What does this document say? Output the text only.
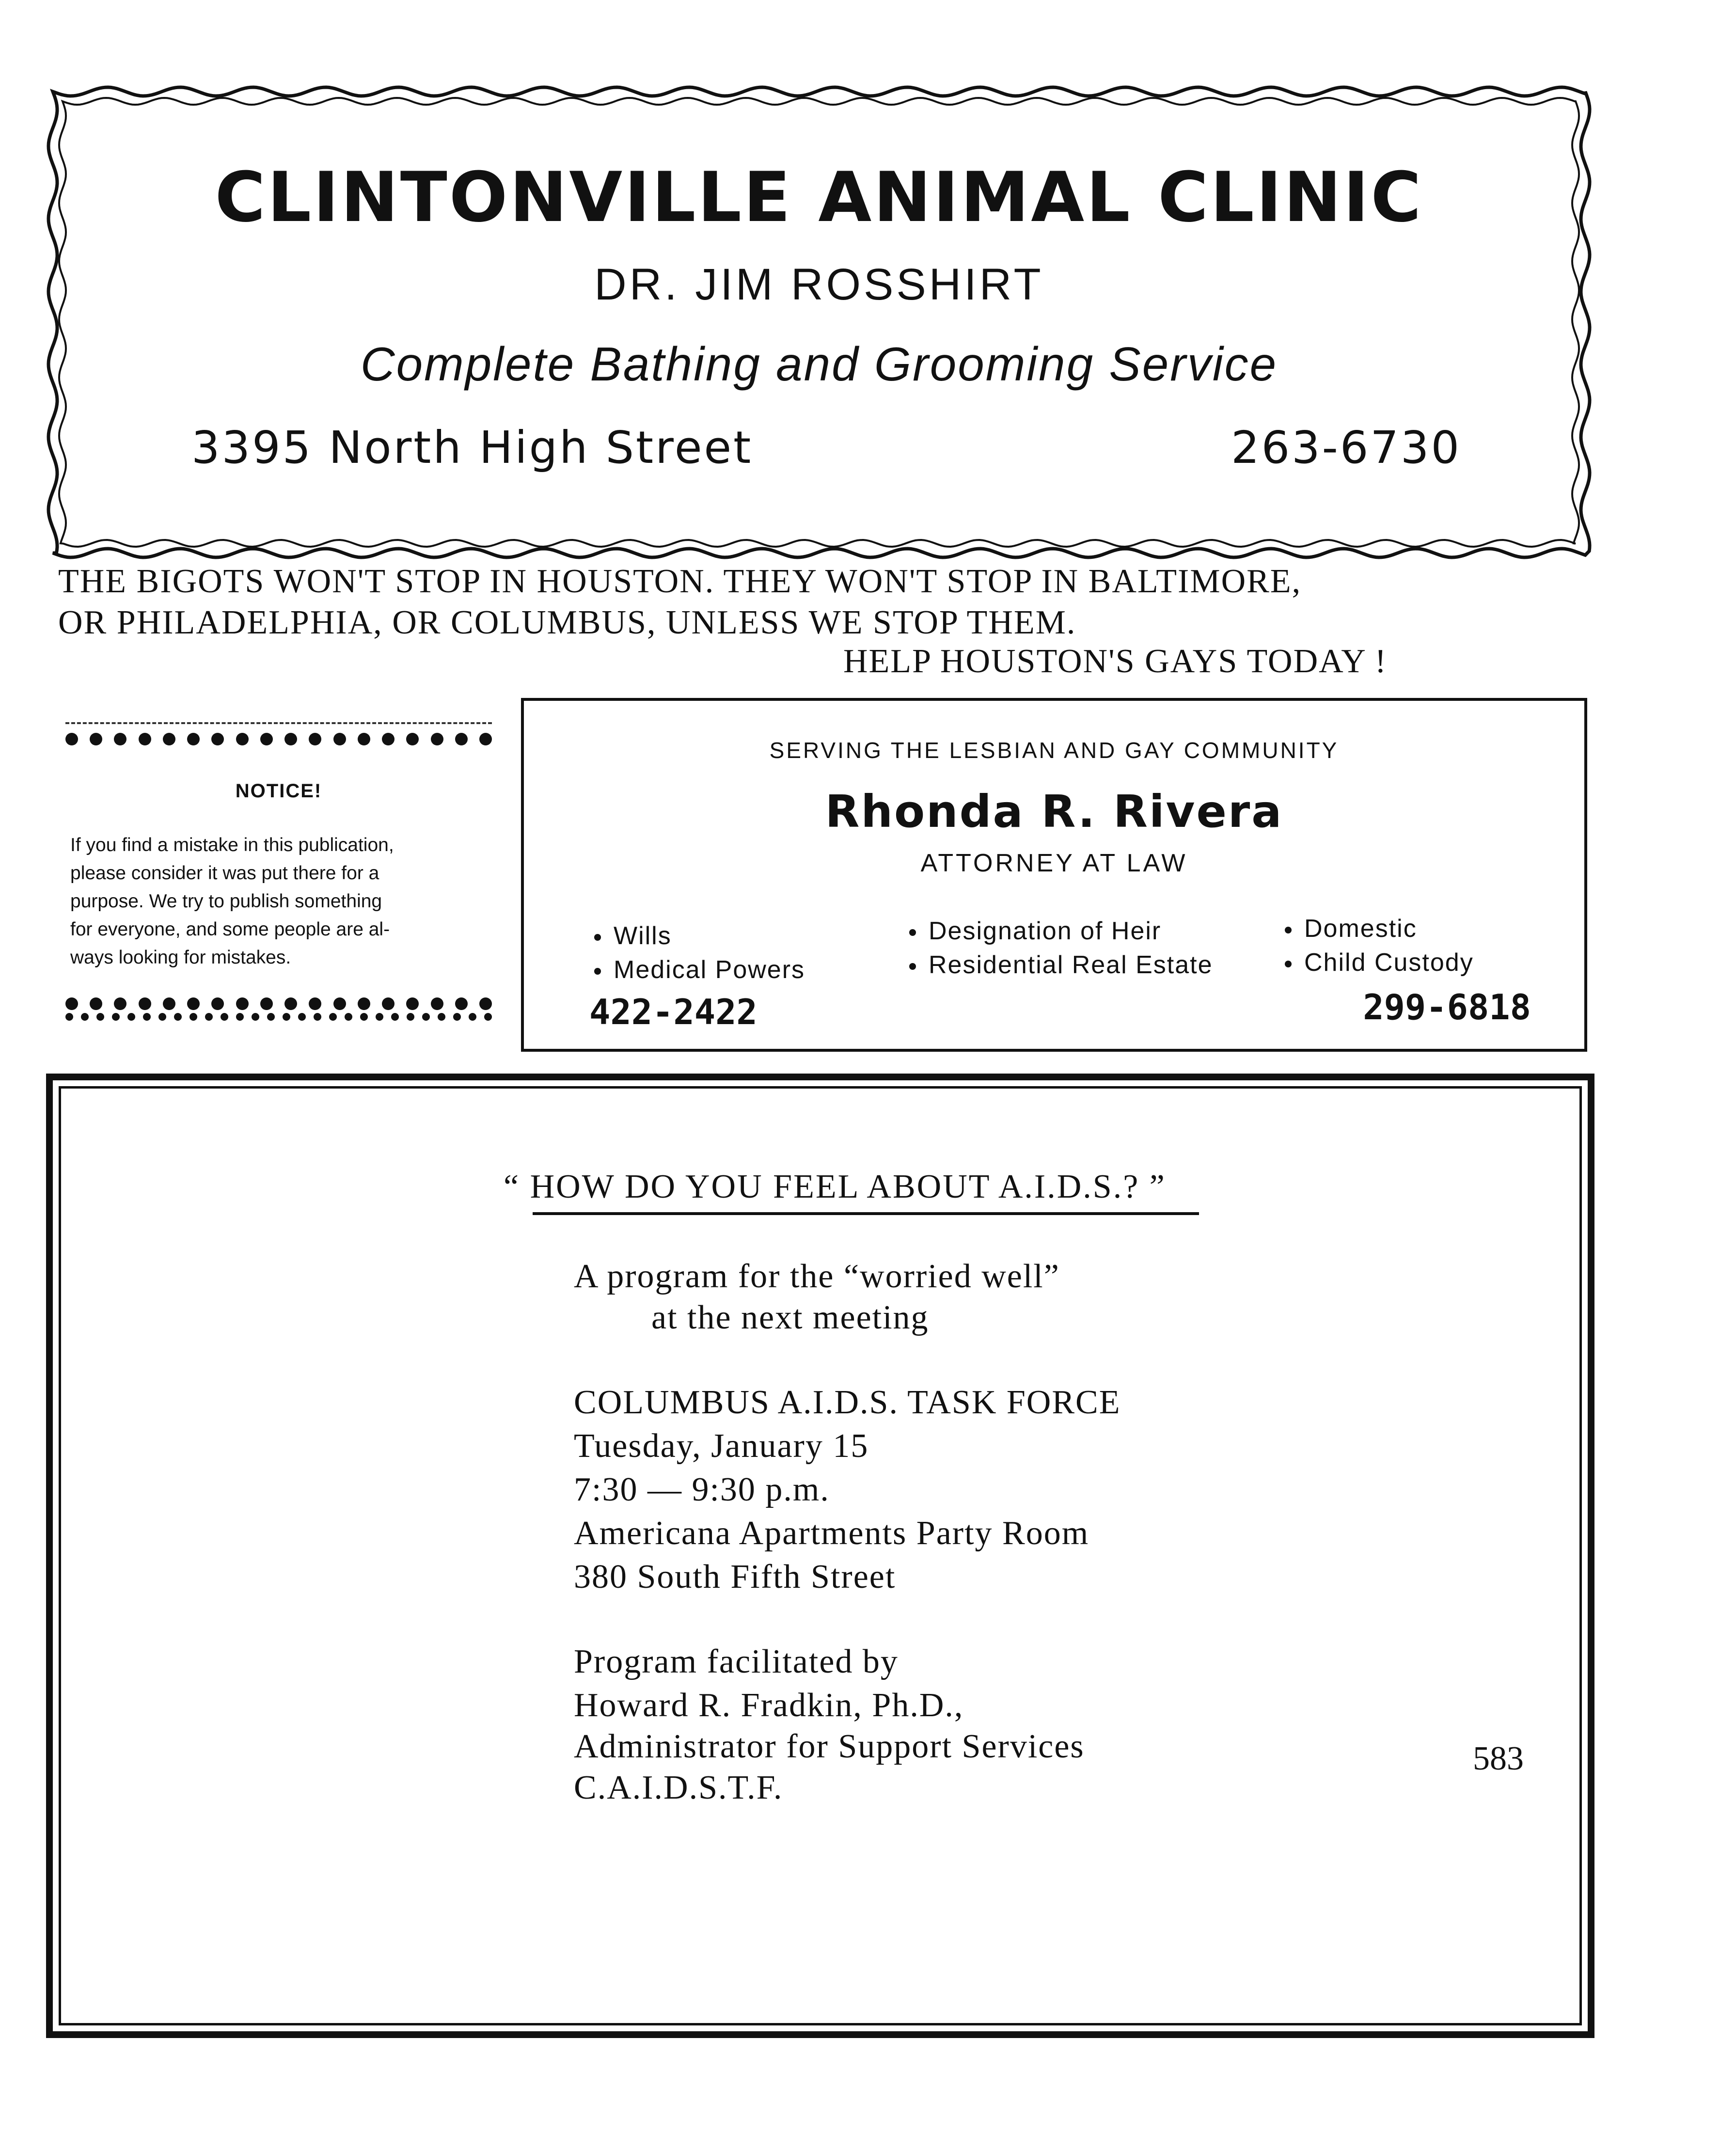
CLINTONVILLE ANIMAL CLINIC
DR. JIM ROSSHIRT
Complete Bathing and Grooming Service
3395 North High Street	263-6730
THE BIGOTS WON'T STOP IN HOUSTON. THEY WON'T STOP IN BALTIMORE,
OR PHILADELPHIA, OR COLUMBUS, UNLESS WE STOP THEM.
HELP HOUSTON'S GAYS TODAY !
NOTICE!
If you find a mistake in this publication,
please consider it was put there for a
purpose. We try to publish something
for everyone, and some people are al-
ways looking for mistakes.
SERVING THE LESBIAN AND GAY COMMUNITY
Rhonda R. Rivera
ATTORNEY AT LAW
Wills
Medical Powers
Designation of Heir
Residential Real Estate
Domestic
Child Custody
422-2422	299-6818
“ HOW DO YOU FEEL ABOUT A.I.D.S.? ”
A program for the “worried well”
at the next meeting
COLUMBUS A.I.D.S. TASK FORCE
Tuesday, January 15
7:30 — 9:30 p.m.
Americana Apartments Party Room
380 South Fifth Street
Program facilitated by
Howard R. Fradkin, Ph.D.,
Administrator for Support Services
C.A.I.D.S.T.F.
583
